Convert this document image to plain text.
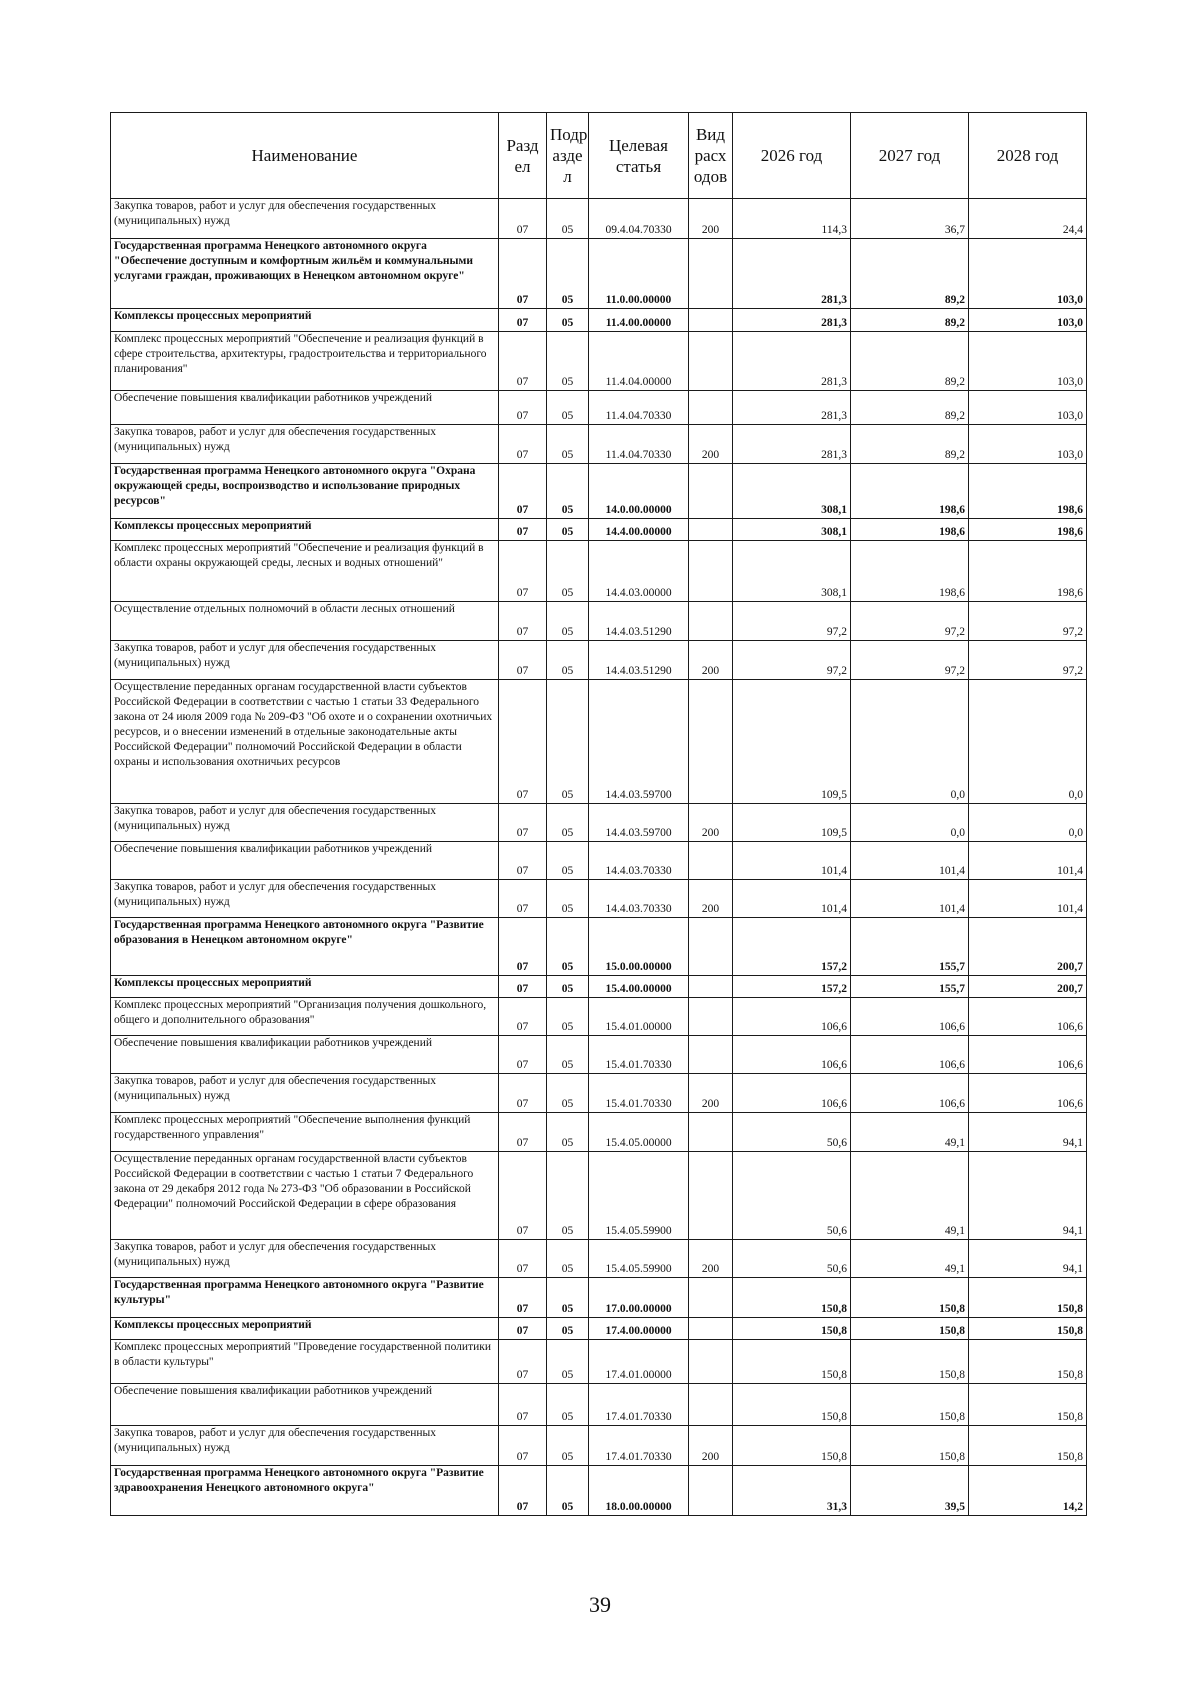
Наименование	Разд ел	Подр азде л	Целевая статья	Вид расх одов	2026 год	2027 год	2028 год
Закупка товаров, работ и услуг для обеспечения государственных (муниципальных) нужд	07	05	09.4.04.70330	200	114,3	36,7	24,4
Государственная программа Ненецкого автономного округа "Обеспечение доступным и комфортным жильём и коммунальными услугами граждан, проживающих в Ненецком автономном округе"	07	05	11.0.00.00000		281,3	89,2	103,0
Комплексы процессных мероприятий	07	05	11.4.00.00000		281,3	89,2	103,0
Комплекс процессных мероприятий "Обеспечение и реализация функций в сфере строительства, архитектуры, градостроительства и территориального планирования"	07	05	11.4.04.00000		281,3	89,2	103,0
Обеспечение повышения квалификации работников учреждений	07	05	11.4.04.70330		281,3	89,2	103,0
Закупка товаров, работ и услуг для обеспечения государственных (муниципальных) нужд	07	05	11.4.04.70330	200	281,3	89,2	103,0
Государственная программа Ненецкого автономного округа "Охрана окружающей среды, воспроизводство и использование природных ресурсов"	07	05	14.0.00.00000		308,1	198,6	198,6
Комплексы процессных мероприятий	07	05	14.4.00.00000		308,1	198,6	198,6
Комплекс процессных мероприятий "Обеспечение и реализация функций в области охраны окружающей среды, лесных и водных отношений"	07	05	14.4.03.00000		308,1	198,6	198,6
Осуществление отдельных полномочий в области лесных отношений	07	05	14.4.03.51290		97,2	97,2	97,2
Закупка товаров, работ и услуг для обеспечения государственных (муниципальных) нужд	07	05	14.4.03.51290	200	97,2	97,2	97,2
Осуществление переданных органам государственной власти субъектов Российской Федерации в соответствии с частью 1 статьи 33 Федерального закона от 24 июля 2009 года № 209-ФЗ "Об охоте и о сохранении охотничьих ресурсов, и о внесении изменений в отдельные законодательные акты Российской Федерации" полномочий Российской Федерации в области охраны и использования охотничьих ресурсов	07	05	14.4.03.59700		109,5	0,0	0,0
Закупка товаров, работ и услуг для обеспечения государственных (муниципальных) нужд	07	05	14.4.03.59700	200	109,5	0,0	0,0
Обеспечение повышения квалификации работников учреждений	07	05	14.4.03.70330		101,4	101,4	101,4
Закупка товаров, работ и услуг для обеспечения государственных (муниципальных) нужд	07	05	14.4.03.70330	200	101,4	101,4	101,4
Государственная программа Ненецкого автономного округа "Развитие образования в Ненецком автономном округе"	07	05	15.0.00.00000		157,2	155,7	200,7
Комплексы процессных мероприятий	07	05	15.4.00.00000		157,2	155,7	200,7
Комплекс процессных мероприятий "Организация получения дошкольного, общего и дополнительного образования"	07	05	15.4.01.00000		106,6	106,6	106,6
Обеспечение повышения квалификации работников учреждений	07	05	15.4.01.70330		106,6	106,6	106,6
Закупка товаров, работ и услуг для обеспечения государственных (муниципальных) нужд	07	05	15.4.01.70330	200	106,6	106,6	106,6
Комплекс процессных мероприятий "Обеспечение выполнения функций государственного управления"	07	05	15.4.05.00000		50,6	49,1	94,1
Осуществление переданных органам государственной власти субъектов Российской Федерации в соответствии с частью 1 статьи 7 Федерального закона от 29 декабря 2012 года № 273-ФЗ "Об образовании в Российской Федерации" полномочий Российской Федерации в сфере образования	07	05	15.4.05.59900		50,6	49,1	94,1
Закупка товаров, работ и услуг для обеспечения государственных (муниципальных) нужд	07	05	15.4.05.59900	200	50,6	49,1	94,1
Государственная программа Ненецкого автономного округа "Развитие культуры"	07	05	17.0.00.00000		150,8	150,8	150,8
Комплексы процессных мероприятий	07	05	17.4.00.00000		150,8	150,8	150,8
Комплекс процессных мероприятий "Проведение государственной политики в области культуры"	07	05	17.4.01.00000		150,8	150,8	150,8
Обеспечение повышения квалификации работников учреждений	07	05	17.4.01.70330		150,8	150,8	150,8
Закупка товаров, работ и услуг для обеспечения государственных (муниципальных) нужд	07	05	17.4.01.70330	200	150,8	150,8	150,8
Государственная программа Ненецкого автономного округа "Развитие здравоохранения Ненецкого автономного округа"	07	05	18.0.00.00000		31,3	39,5	14,2
39
